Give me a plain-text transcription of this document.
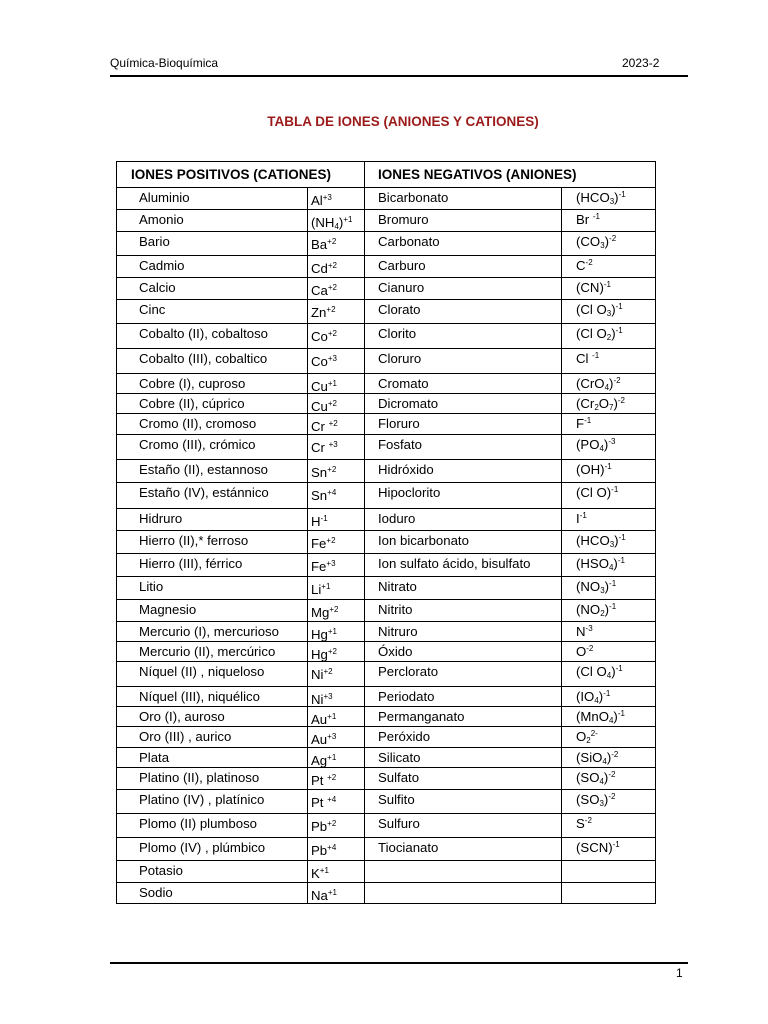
Química-Bioquímica	2023-2
TABLA DE IONES (ANIONES Y CATIONES)
IONES POSITIVOS (CATIONES)		IONES NEGATIVOS (ANIONES)	
Aluminio	$Al^{+3}$	Bicarbonato	$(HCO_3)^{-1}$
Amonio	$(NH_4)^{+1}$	Bromuro	Br $^{-1}$
Bario	$Ba^{+2}$	Carbonato	$(CO_3)^{-2}$
Cadmio	$Cd^{+2}$	Carburo	$C^{-2}$
Calcio	$Ca^{+2}$	Cianuro	(CN)$^{-1}$
Cinc	$Zn^{+2}$	Clorato	(Cl $O_3)^{-1}$
Cobalto (II), cobaltoso	$Co^{+2}$	Clorito	(Cl $O_2)^{-1}$
Cobalto (III), cobaltico	$Co^{+3}$	Cloruro	Cl $^{-1}$
Cobre (I), cuproso	$Cu^{+1}$	Cromato	$(CrO_4)^{-2}$
Cobre (II), cúprico	$Cu^{+2}$	Dicromato	$(Cr_2O_7)^{-2}$
Cromo (II), cromoso	Cr $^{+2}$	Floruro	$F^{-1}$
Cromo (III), crómico	Cr $^{+3}$	Fosfato	$(PO_4)^{-3}$
Estaño (II), estannoso	$Sn^{+2}$	Hidróxido	(OH)$^{-1}$
Estaño (IV), estánnico	$Sn^{+4}$	Hipoclorito	(Cl O)$^{-1}$
Hidruro	$H^{-1}$	Ioduro	$I^{-1}$
Hierro (II),* ferroso	$Fe^{+2}$	Ion bicarbonato	$(HCO_3)^{-1}$
Hierro (III), férrico	$Fe^{+3}$	Ion sulfato ácido, bisulfato	$(HSO_4)^{-1}$
Litio	$Li^{+1}$	Nitrato	$(NO_3)^{-1}$
Magnesio	$Mg^{+2}$	Nitrito	$(NO_2)^{-1}$
Mercurio (I), mercurioso	$Hg^{+1}$	Nitruro	$N^{-3}$
Mercurio (II), mercúrico	$Hg^{+2}$	Óxido	$O^{-2}$
Níquel (II) , niqueloso	$Ni^{+2}$	Perclorato	(Cl $O_4)^{-1}$
Níquel (III), niquélico	$Ni^{+3}$	Periodato	$(IO_4)^{-1}$
Oro (I), auroso	$Au^{+1}$	Permanganato	$(MnO_4)^{-1}$
Oro (III) , aurico	$Au^{+3}$	Peróxido	$O_2^{2-}$
Plata	$Ag^{+1}$	Silicato	$(SiO_4)^{-2}$
Platino (II), platinoso	Pt $^{+2}$	Sulfato	$(SO_4)^{-2}$
Platino (IV) , platínico	Pt $^{+4}$	Sulfito	$(SO_3)^{-2}$
Plomo (II) plumboso	$Pb^{+2}$	Sulfuro	$S^{-2}$
Plomo (IV) , plúmbico	$Pb^{+4}$	Tiocianato	(SCN)$^{-1}$
Potasio	$K^{+1}$		
Sodio	$Na^{+1}$		
1
